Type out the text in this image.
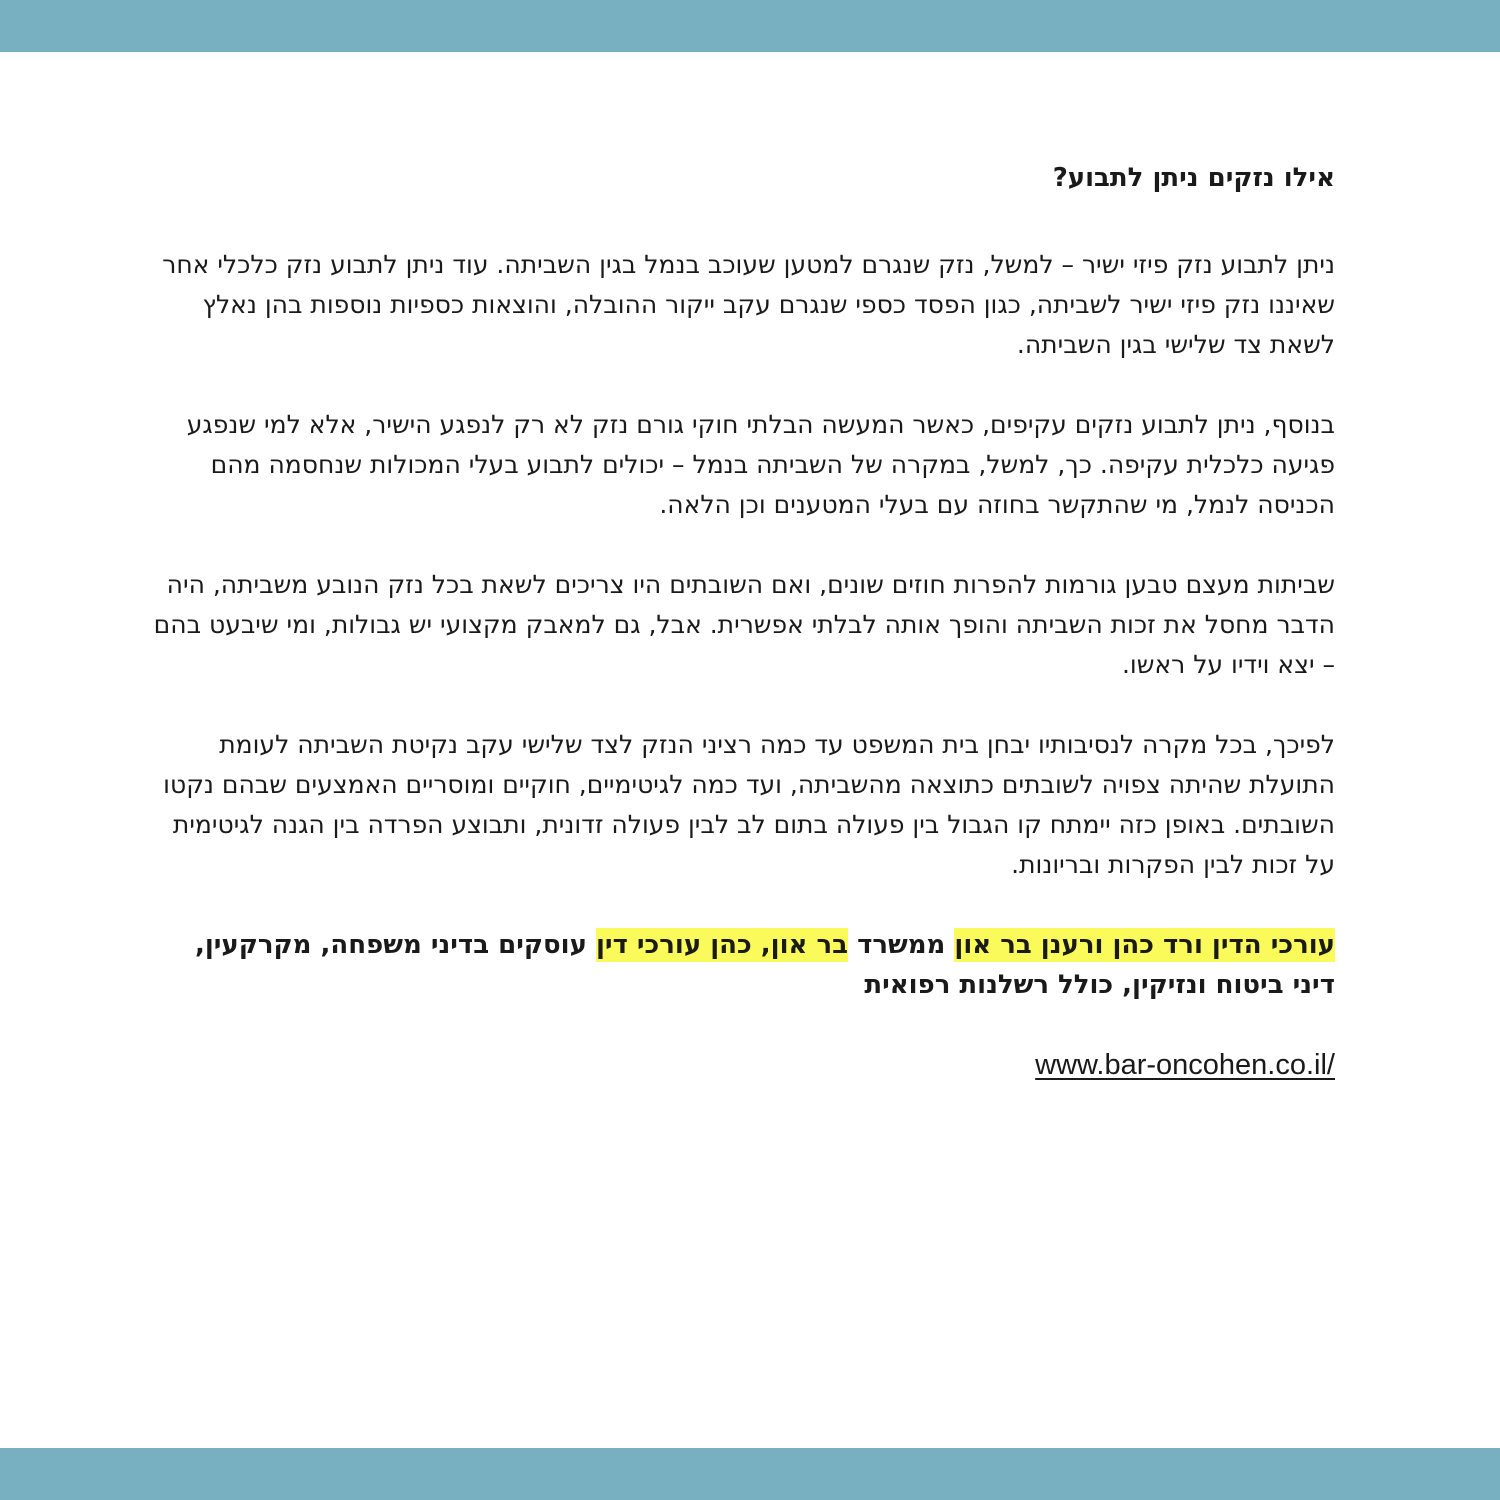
אילו נזקים ניתן לתבוע?

ניתן לתבוע נזק פיזי ישיר – למשל, נזק שנגרם למטען שעוכב בנמל בגין השביתה. עוד ניתן לתבוע נזק כלכלי אחר שאיננו נזק פיזי ישיר לשביתה, כגון הפסד כספי שנגרם עקב ייקור ההובלה, והוצאות כספיות נוספות בהן נאלץ לשאת צד שלישי בגין השביתה.

בנוסף, ניתן לתבוע נזקים עקיפים, כאשר המעשה הבלתי חוקי גורם נזק לא רק לנפגע הישיר, אלא למי שנפגע פגיעה כלכלית עקיפה. כך, למשל, במקרה של השביתה בנמל – יכולים לתבוע בעלי המכולות שנחסמה מהם הכניסה לנמל, מי שהתקשר בחוזה עם בעלי המטענים וכן הלאה.

שביתות מעצם טבען גורמות להפרות חוזים שונים, ואם השובתים היו צריכים לשאת בכל נזק הנובע משביתה, היה הדבר מחסל את זכות השביתה והופך אותה לבלתי אפשרית. אבל, גם למאבק מקצועי יש גבולות, ומי שיבעט בהם – יצא וידיו על ראשו.

לפיכך, בכל מקרה לנסיבותיו יבחן בית המשפט עד כמה רציני הנזק לצד שלישי עקב נקיטת השביתה לעומת התועלת שהיתה צפויה לשובתים כתוצאה מהשביתה, ועד כמה לגיטימיים, חוקיים ומוסריים האמצעים שבהם נקטו השובתים. באופן כזה יימתח קו הגבול בין פעולה בתום לב לבין פעולה זדונית, ותבוצע הפרדה בין הגנה לגיטימית על זכות לבין הפקרות ובריונות.

עורכי הדין ורד כהן ורענן בר און ממשרד בר און, כהן עורכי דין עוסקים בדיני משפחה, מקרקעין, דיני ביטוח ונזיקין, כולל רשלנות רפואית

www.bar-oncohen.co.il/
